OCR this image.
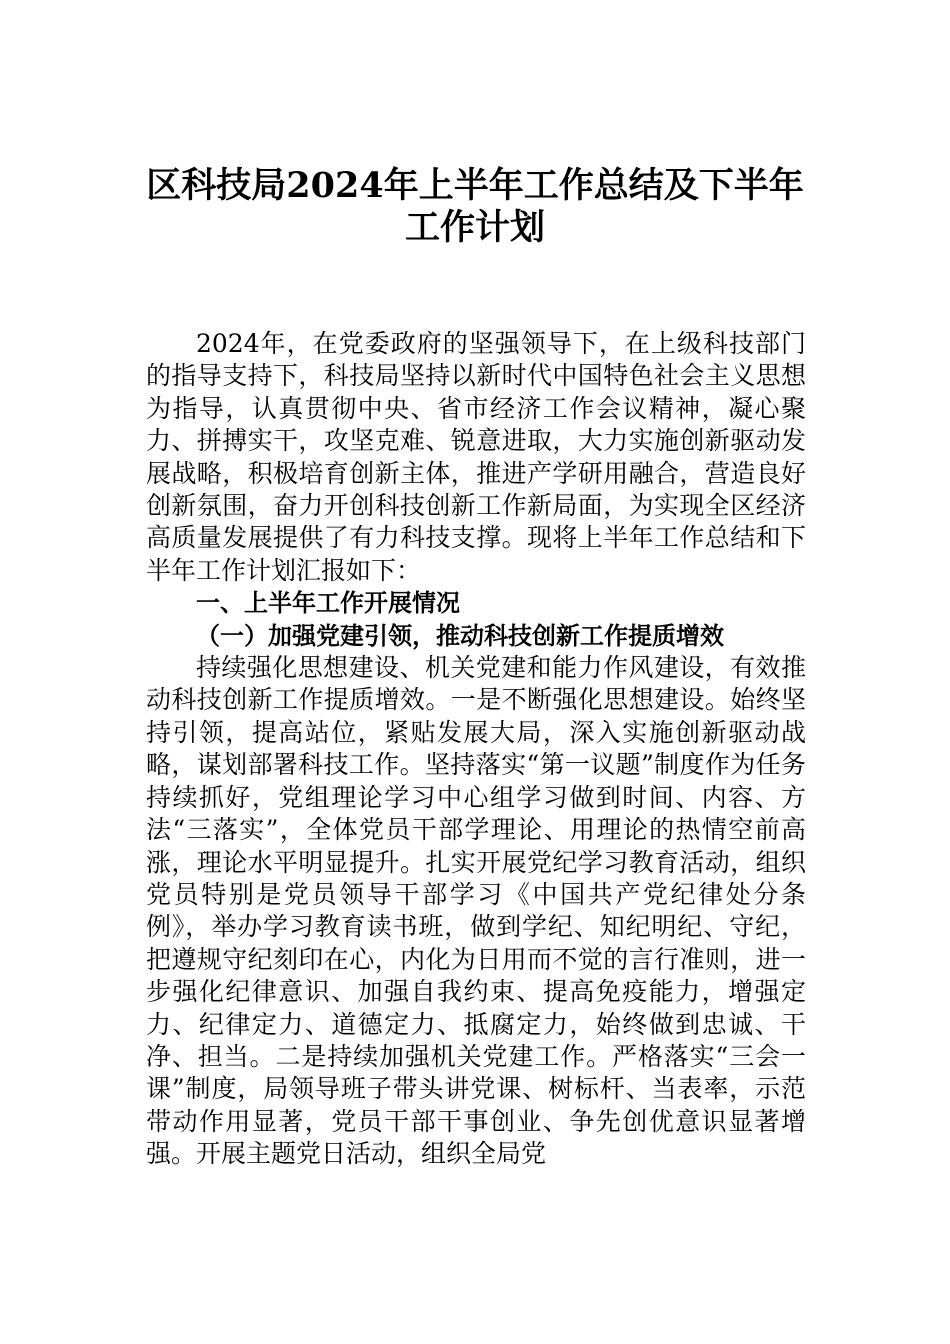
区科技局2024年上半年工作总结及下半年
工作计划

2024年，在党委政府的坚强领导下，在上级科技部门的指导支持下，科技局坚持以新时代中国特色社会主义思想为指导，认真贯彻中央、省市经济工作会议精神，凝心聚力、拼搏实干，攻坚克难、锐意进取，大力实施创新驱动发展战略，积极培育创新主体，推进产学研用融合，营造良好创新氛围，奋力开创科技创新工作新局面，为实现全区经济高质量发展提供了有力科技支撑。现将上半年工作总结和下半年工作计划汇报如下：

一、上半年工作开展情况

（一）加强党建引领，推动科技创新工作提质增效

持续强化思想建设、机关党建和能力作风建设，有效推动科技创新工作提质增效。一是不断强化思想建设。始终坚持引领，提高站位，紧贴发展大局，深入实施创新驱动战略，谋划部署科技工作。坚持落实“第一议题”制度作为任务持续抓好，党组理论学习中心组学习做到时间、内容、方法“三落实”，全体党员干部学理论、用理论的热情空前高涨，理论水平明显提升。扎实开展党纪学习教育活动，组织党员特别是党员领导干部学习《中国共产党纪律处分条例》，举办学习教育读书班，做到学纪、知纪明纪、守纪，把遵规守纪刻印在心，内化为日用而不觉的言行准则，进一步强化纪律意识、加强自我约束、提高免疫能力，增强定力、纪律定力、道德定力、抵腐定力，始终做到忠诚、干净、担当。二是持续加强机关党建工作。严格落实“三会一课”制度，局领导班子带头讲党课、树标杆、当表率，示范带动作用显著，党员干部干事创业、争先创优意识显著增强。开展主题党日活动，组织全局党
